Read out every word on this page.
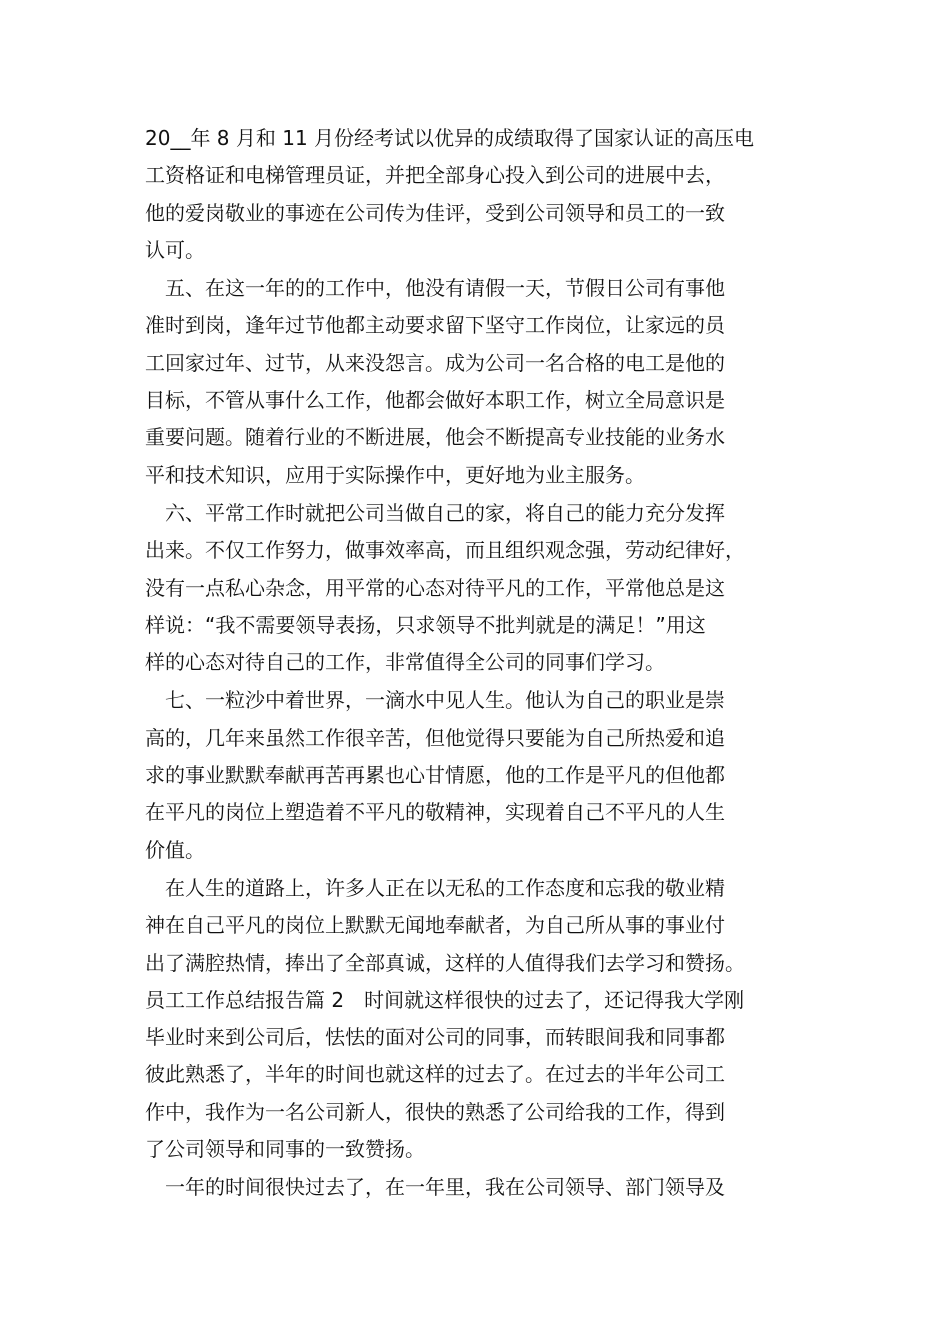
20__年 8 月和 11 月份经考试以优异的成绩取得了国家认证的高压电
工资格证和电梯管理员证，并把全部身心投入到公司的进展中去，
他的爱岗敬业的事迹在公司传为佳评，受到公司领导和员工的一致
认可。
五、在这一年的的工作中，他没有请假一天，节假日公司有事他
准时到岗，逢年过节他都主动要求留下坚守工作岗位，让家远的员
工回家过年、过节，从来没怨言。成为公司一名合格的电工是他的
目标，不管从事什么工作，他都会做好本职工作，树立全局意识是
重要问题。随着行业的不断进展，他会不断提高专业技能的业务水
平和技术知识，应用于实际操作中，更好地为业主服务。
六、平常工作时就把公司当做自己的家，将自己的能力充分发挥
出来。不仅工作努力，做事效率高，而且组织观念强，劳动纪律好，
没有一点私心杂念，用平常的心态对待平凡的工作，平常他总是这
样说：“我不需要领导表扬，只求领导不批判就是的满足！”用这
样的心态对待自己的工作，非常值得全公司的同事们学习。
七、一粒沙中着世界，一滴水中见人生。他认为自己的职业是崇
高的，几年来虽然工作很辛苦，但他觉得只要能为自己所热爱和追
求的事业默默奉献再苦再累也心甘情愿，他的工作是平凡的但他都
在平凡的岗位上塑造着不平凡的敬精神，实现着自己不平凡的人生
价值。
在人生的道路上，许多人正在以无私的工作态度和忘我的敬业精
神在自己平凡的岗位上默默无闻地奉献者，为自己所从事的事业付
出了满腔热情，捧出了全部真诚，这样的人值得我们去学习和赞扬。
员工工作总结报告篇 2　时间就这样很快的过去了，还记得我大学刚
毕业时来到公司后，怯怯的面对公司的同事，而转眼间我和同事都
彼此熟悉了，半年的时间也就这样的过去了。在过去的半年公司工
作中，我作为一名公司新人，很快的熟悉了公司给我的工作，得到
了公司领导和同事的一致赞扬。
一年的时间很快过去了，在一年里，我在公司领导、部门领导及
